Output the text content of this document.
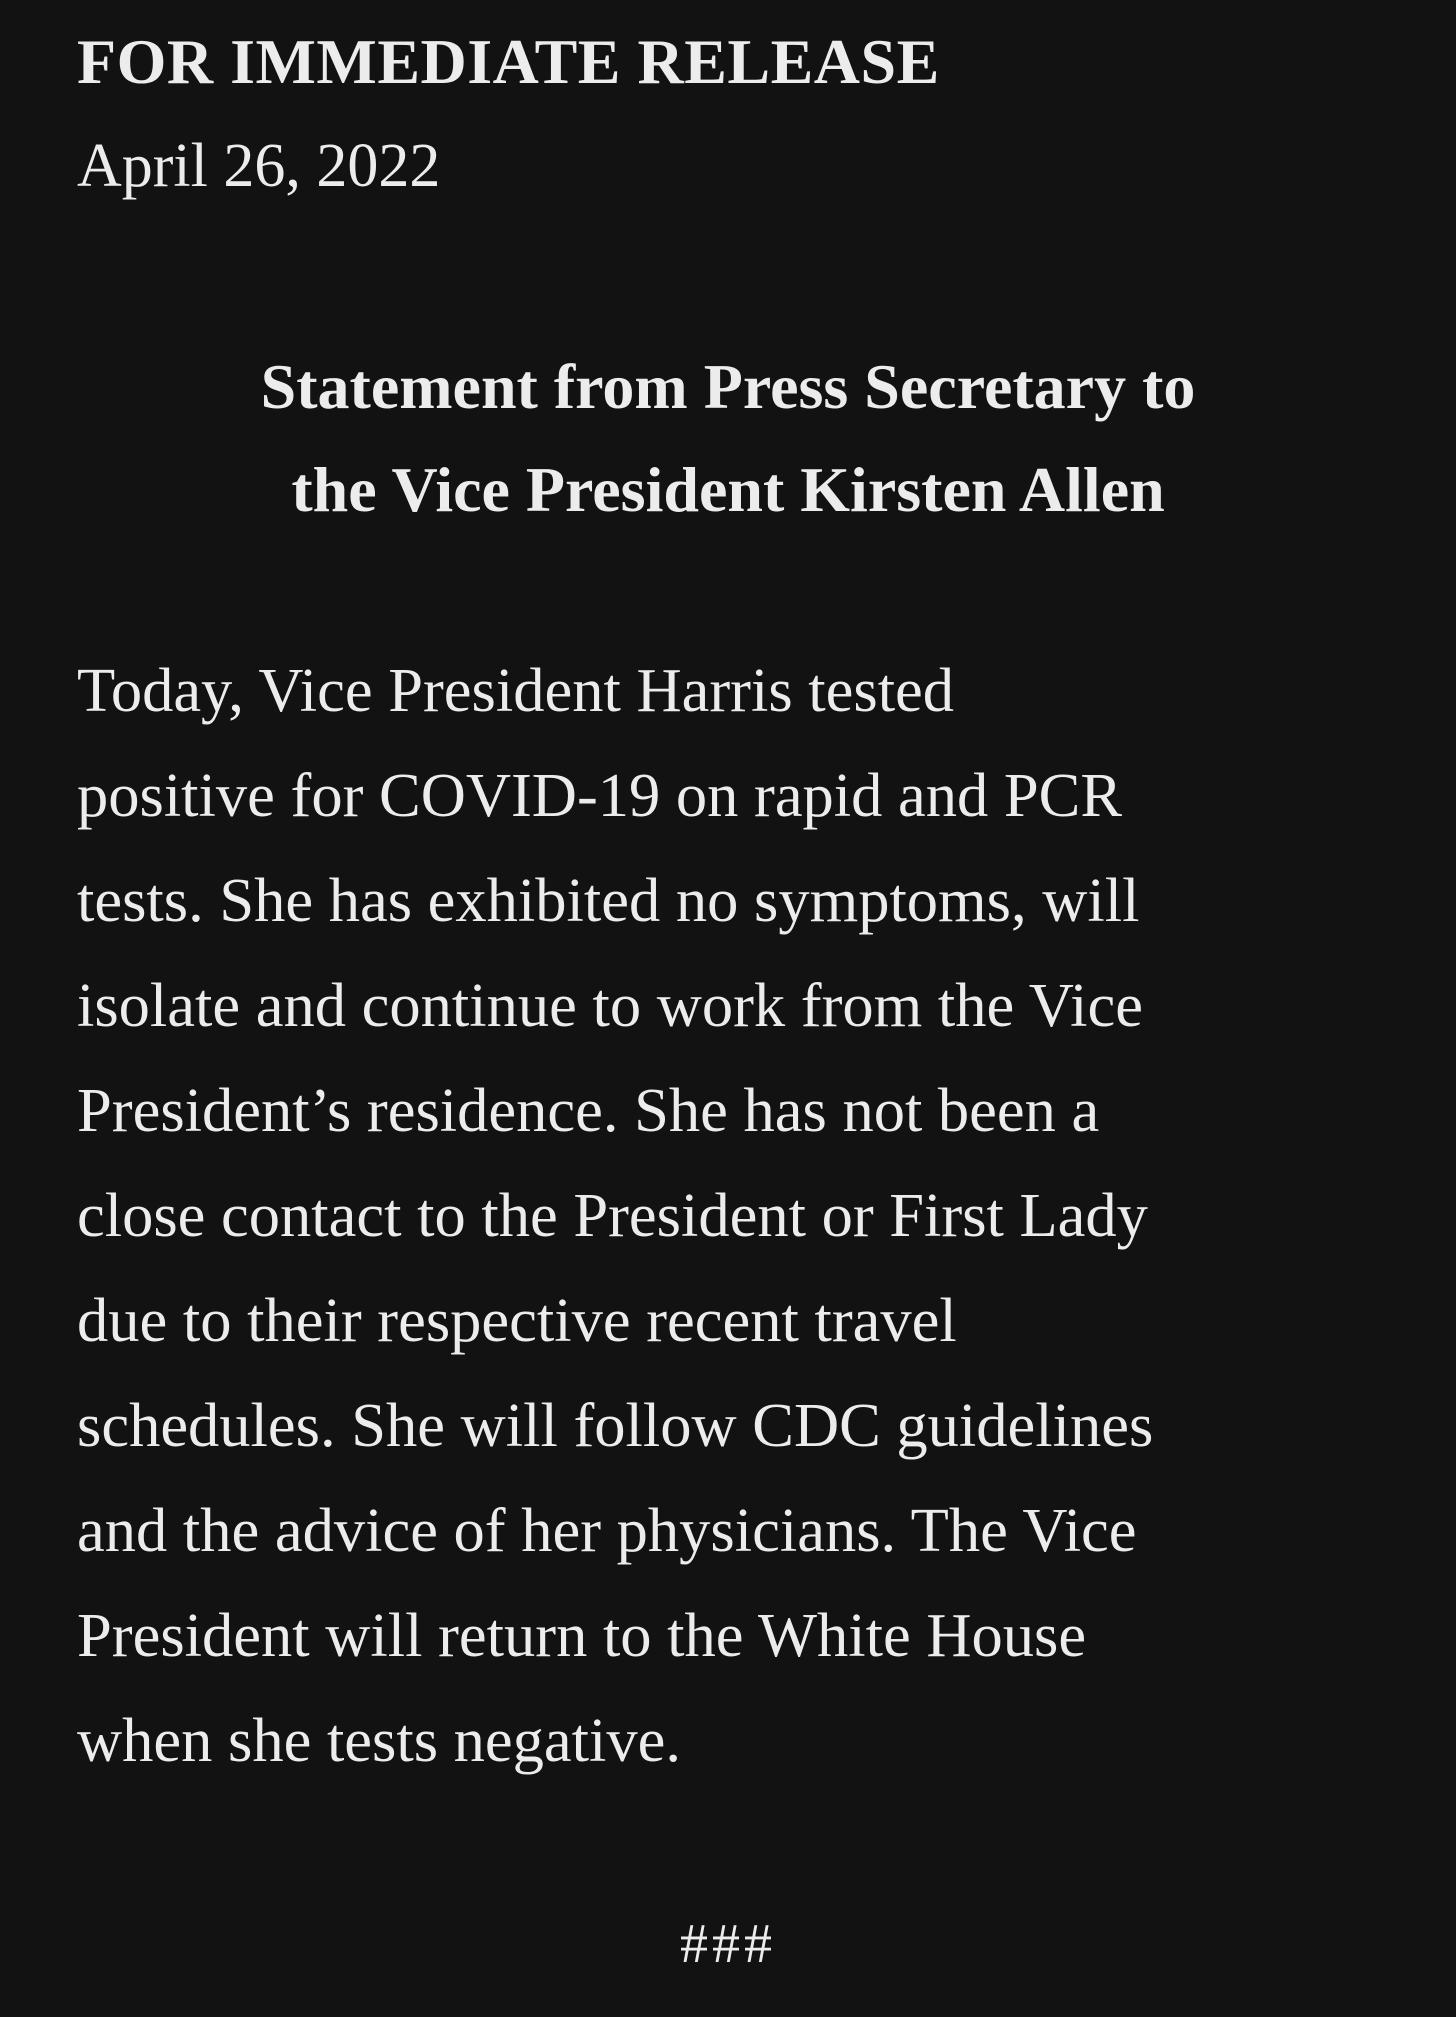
FOR IMMEDIATE RELEASE

April 26, 2022

Statement from Press Secretary to
the Vice President Kirsten Allen
Today, Vice President Harris tested
positive for COVID-19 on rapid and PCR
tests. She has exhibited no symptoms, will
isolate and continue to work from the Vice
President’s residence. She has not been a
close contact to the President or First Lady
due to their respective recent travel
schedules. She will follow CDC guidelines
and the advice of her physicians. The Vice
President will return to the White House
when she tests negative.

###
